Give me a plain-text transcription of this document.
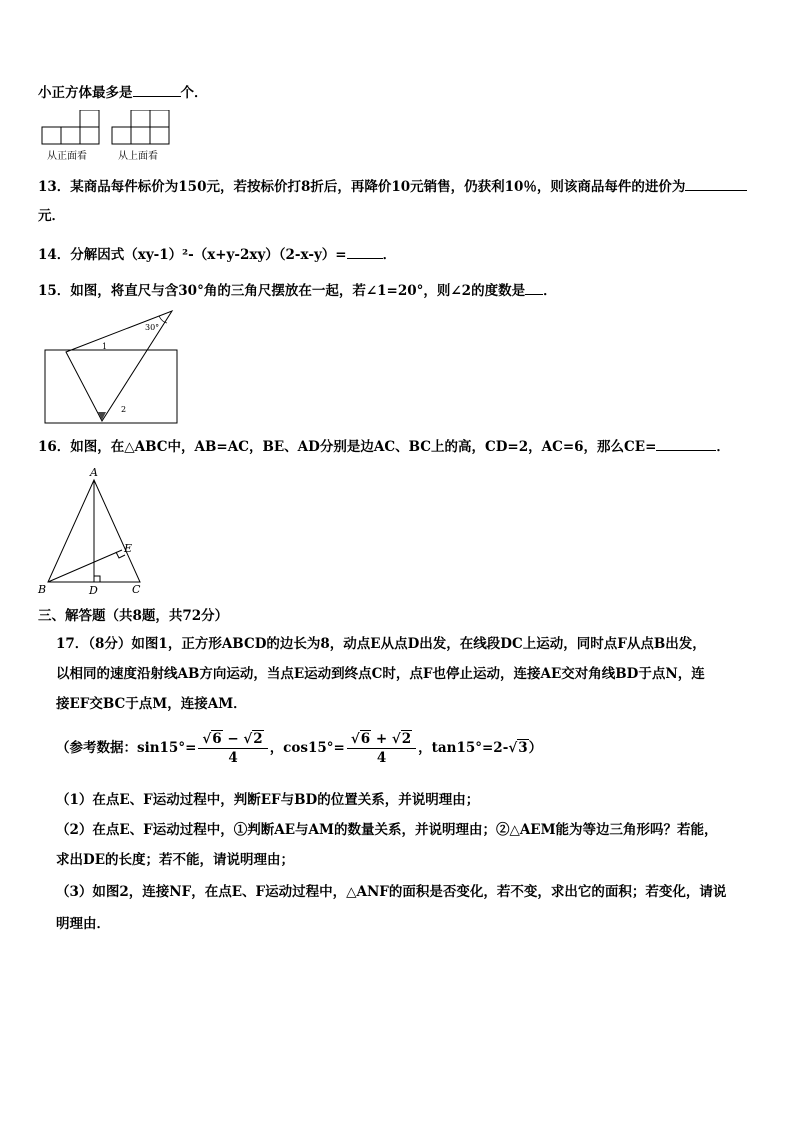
小正方体最多是	个．
从正面看	从上面看
13．某商品每件标价为150元，若按标价打8折后，再降价10元销售，仍获利10％，则该商品每件的进价为
元．
14．分解因式（xy-1）²-（x+y-2xy）（2-x-y）=	．
15．如图，将直尺与含30°角的三角尺摆放在一起，若∠1=20°，则∠2的度数是 ．
30°
1
2
16．如图，在△ABC中，AB=AC，BE、AD分别是边AC、BC上的高，CD=2，AC=6，那么CE=	．
A
B	C
D
E
三、解答题（共8题，共72分）
17．（8分）如图1，正方形ABCD的边长为8，动点E从点D出发，在线段DC上运动，同时点F从点B出发，
以相同的速度沿射线AB方向运动，当点E运动到终点C时，点F也停止运动，连接AE交对角线BD于点N，连
接EF交BC于点M，连接AM．
（参考数据：$\sin 15^\circ= \frac{√6 - √2}{4}$ ，$\cos 15^\circ= \frac{√6 + √2}{4}$ ，tan15°=2-√3）
（1）在点E、F运动过程中，判断EF与BD的位置关系，并说明理由；
（2）在点E、F运动过程中，①判断AE与AM的数量关系，并说明理由；②△AEM能为等边三角形吗？若能，
求出DE的长度；若不能，请说明理由；
（3）如图2，连接NF，在点E、F运动过程中，△ANF的面积是否变化，若不变，求出它的面积；若变化，请说
明理由．
